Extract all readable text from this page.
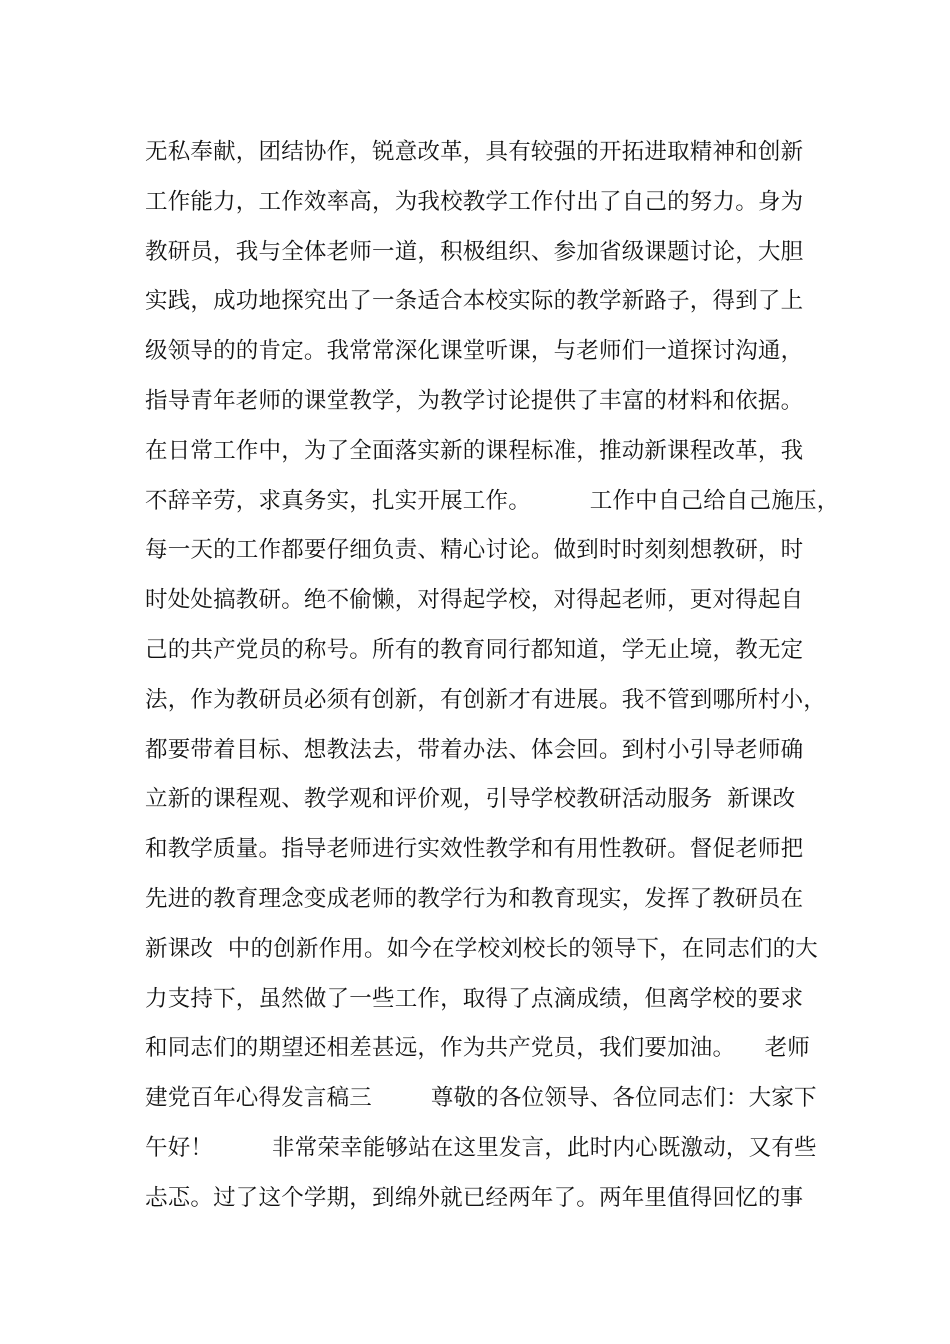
无私奉献，团结协作，锐意改革，具有较强的开拓进取精神和创新
工作能力，工作效率高，为我校教学工作付出了自己的努力。身为
教研员，我与全体老师一道，积极组织、参加省级课题讨论，大胆
实践，成功地探究出了一条适合本校实际的教学新路子，得到了上
级领导的的肯定。我常常深化课堂听课，与老师们一道探讨沟通，
指导青年老师的课堂教学，为教学讨论提供了丰富的材料和依据。
在日常工作中，为了全面落实新的课程标准，推动新课程改革，我
不辞辛劳，求真务实，扎实开展工作。        工作中自己给自己施压，
每一天的工作都要仔细负责、精心讨论。做到时时刻刻想教研，时
时处处搞教研。绝不偷懒，对得起学校，对得起老师，更对得起自
己的共产党员的称号。所有的教育同行都知道，学无止境，教无定
法，作为教研员必须有创新，有创新才有进展。我不管到哪所村小，
都要带着目标、想教法去，带着办法、体会回。到村小引导老师确
立新的课程观、教学观和评价观，引导学校教研活动服务  新课改
和教学质量。指导老师进行实效性教学和有用性教研。督促老师把
先进的教育理念变成老师的教学行为和教育现实，发挥了教研员在
新课改  中的创新作用。如今在学校刘校长的领导下，在同志们的大
力支持下，虽然做了一些工作，取得了点滴成绩，但离学校的要求
和同志们的期望还相差甚远，作为共产党员，我们要加油。    老师
建党百年心得发言稿三        尊敬的各位领导、各位同志们：大家下
午好！        非常荣幸能够站在这里发言，此时内心既激动，又有些
忐忑。过了这个学期，到绵外就已经两年了。两年里值得回忆的事
